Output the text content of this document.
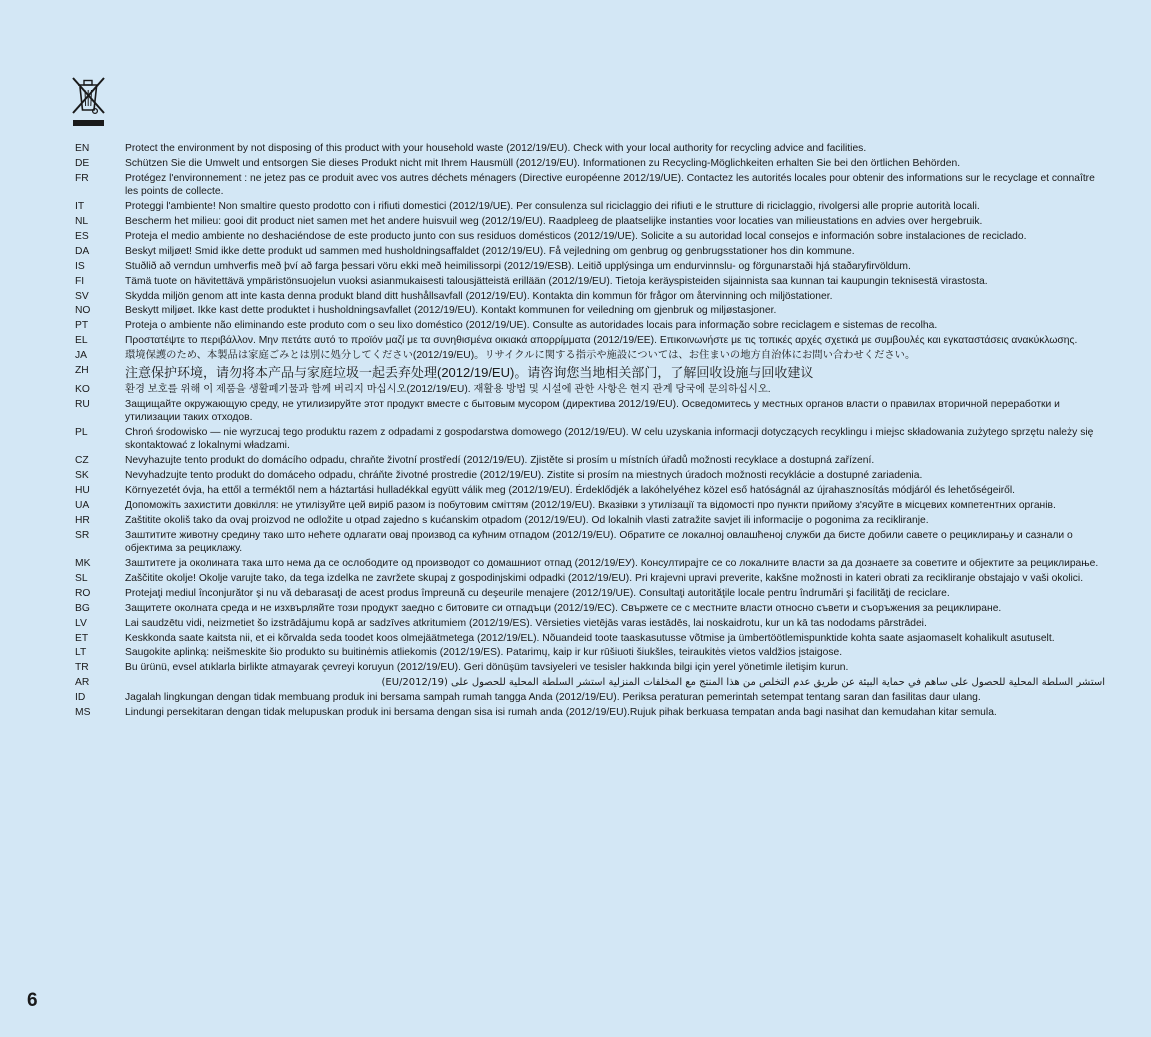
EN	Protect the environment by not disposing of this product with your household waste (2012/19/EU). Check with your local authority for recycling advice and facilities.
DE	Schützen Sie die Umwelt und entsorgen Sie dieses Produkt nicht mit Ihrem Hausmüll (2012/19/EU). Informationen zu Recycling-Möglichkeiten erhalten Sie bei den örtlichen Behörden.
FR	Protégez l'environnement : ne jetez pas ce produit avec vos autres déchets ménagers (Directive européenne 2012/19/UE). Contactez les autorités locales pour obtenir des informations sur le recyclage et connaître les points de collecte.
IT	Proteggi l'ambiente! Non smaltire questo prodotto con i rifiuti domestici (2012/19/UE). Per consulenza sul riciclaggio dei rifiuti e le strutture di riciclaggio, rivolgersi alle proprie autorità locali.
NL	Bescherm het milieu: gooi dit product niet samen met het andere huisvuil weg (2012/19/EU). Raadpleeg de plaatselijke instanties voor locaties van milieustations en advies over hergebruik.
ES	Proteja el medio ambiente no deshaciéndose de este producto junto con sus residuos domésticos (2012/19/UE). Solicite a su autoridad local consejos e información sobre instalaciones de reciclado.
DA	Beskyt miljøet! Smid ikke dette produkt ud sammen med husholdningsaffaldet (2012/19/EU). Få vejledning om genbrug og genbrugsstationer hos din kommune.
IS	Stuðlið að verndun umhverfis með því að farga þessari vöru ekki með heimilissorpi (2012/19/ESB). Leitið upplýsinga um endurvinnslu- og förgunarstaði hjá staðaryfirvöldum.
FI	Tämä tuote on hävitettävä ympäristönsuojelun vuoksi asianmukaisesti talousjätteistä erillään (2012/19/EU). Tietoja keräyspisteiden sijainnista saa kunnan tai kaupungin teknisestä virastosta.
SV	Skydda miljön genom att inte kasta denna produkt bland ditt hushållsavfall (2012/19/EU). Kontakta din kommun för frågor om återvinning och miljöstationer.
NO	Beskytt miljøet. Ikke kast dette produktet i husholdningsavfallet (2012/19/EU). Kontakt kommunen for veiledning om gjenbruk og miljøstasjoner.
PT	Proteja o ambiente não eliminando este produto com o seu lixo doméstico (2012/19/UE). Consulte as autoridades locais para informação sobre reciclagem e sistemas de recolha.
EL	Προστατέψτε το περιβάλλον. Μην πετάτε αυτό το προϊόν μαζί με τα συνηθισμένα οικιακά απορρίμματα (2012/19/ΕΕ). Επικοινωνήστε με τις τοπικές αρχές σχετικά με συμβουλές και εγκαταστάσεις ανακύκλωσης.
JA	環境保護のため、本製品は家庭ごみとは別に処分してください(2012/19/EU)。リサイクルに関する指示や施設については、お住まいの地方自治体にお問い合わせください。
ZH	注意保护环境，请勿将本产品与家庭垃圾一起丢弃处理(2012/19/EU)。请咨询您当地相关部门，了解回收设施与回收建议
KO	환경 보호를 위해 이 제품을 생활폐기물과 함께 버리지 마십시오(2012/19/EU). 재활용 방법 및 시설에 관한 사항은 현지 관계 당국에 문의하십시오.
RU	Защищайте окружающую среду, не утилизируйте этот продукт вместе с бытовым мусором (директива 2012/19/EU). Осведомитесь у местных органов власти о правилах вторичной переработки и утилизации таких отходов.
PL	Chroń środowisko — nie wyrzucaj tego produktu razem z odpadami z gospodarstwa domowego (2012/19/EU). W celu uzyskania informacji dotyczących recyklingu i miejsc składowania zużytego sprzętu należy się skontaktować z lokalnymi władzami.
CZ	Nevyhazujte tento produkt do domácího odpadu, chraňte životní prostředí (2012/19/EU). Zjistěte si prosím u místních úřadů možnosti recyklace a dostupná zařízení.
SK	Nevyhadzujte tento produkt do domáceho odpadu, chráňte životné prostredie (2012/19/EU). Zistite si prosím na miestnych úradoch možnosti recyklácie a dostupné zariadenia.
HU	Környezetét óvja, ha ettől a terméktől nem a háztartási hulladékkal együtt válik meg (2012/19/EU). Érdeklődjék a lakóhelyéhez közel eső hatóságnál az újrahasznosítás módjáról és lehetőségeiről.
UA	Допоможіть захистити довкілля: не утилізуйте цей виріб разом із побутовим сміттям (2012/19/EU). Вказівки з утилізації та відомості про пункти прийому з'ясуйте в місцевих компетентних органів.
HR	Zaštitite okoliš tako da ovaj proizvod ne odložite u otpad zajedno s kućanskim otpadom (2012/19/EU). Od lokalnih vlasti zatražite savjet ili informacije o pogonima za recikliranje.
SR	Заштитите животну средину тако што нећете одлагати овај производ са кућним отпадом (2012/19/EU). Обратите се локалној овлашћеној служби да бисте добили савете о рециклирању и сазнали о објектима за рециклажу.
MK	Заштитете ја околината така што нема да се ослободите од производот со домашниот отпад (2012/19/ЕУ). Консултирајте се со локалните власти за да дознаете за советите и објектите за рециклирање.
SL	Zaščitite okolje! Okolje varujte tako, da tega izdelka ne zavržete skupaj z gospodinjskimi odpadki (2012/19/EU). Pri krajevni upravi preverite, kakšne možnosti in kateri obrati za recikliranje obstajajo v vaši okolici.
RO	Protejaţi mediul înconjurător şi nu vă debarasaţi de acest produs împreună cu deşeurile menajere (2012/19/UE). Consultaţi autorităţile locale pentru îndrumări şi facilităţi de reciclare.
BG	Защитете околната среда и не изхвърляйте този продукт заедно с битовите си отпадъци (2012/19/ЕС). Свържете се с местните власти относно съвети и съоръжения за рециклиране.
LV	Lai saudzētu vidi, neizmetiet šo izstrādājumu kopā ar sadzīves atkritumiem (2012/19/ES). Vērsieties vietējās varas iestādēs, lai noskaidrotu, kur un kā tas nododams pārstrādei.
ET	Keskkonda saate kaitsta nii, et ei kõrvalda seda toodet koos olmejäätmetega (2012/19/EL). Nõuandeid toote taaskasutusse võtmise ja ümbertöötlemispunktide kohta saate asjaomaselt kohalikult asutuselt.
LT	Saugokite aplinką: neišmeskite šio produkto su buitinėmis atliekomis (2012/19/ES). Patarimų, kaip ir kur rūšiuoti šiukšles, teiraukitės vietos valdžios įstaigose.
TR	Bu ürünü, evsel atıklarla birlikte atmayarak çevreyi koruyun (2012/19/EU). Geri dönüşüm tavsiyeleri ve tesisler hakkında bilgi için yerel yönetimle iletişim kurun.
AR	استشر السلطة المحلية للحصول على ساهم في حماية البيئة عن طريق عدم التخلص من هذا المنتج مع المخلفات المنزلية استشر السلطة المحلية للحصول على (2012/19/EU)
ID	Jagalah lingkungan dengan tidak membuang produk ini bersama sampah rumah tangga Anda (2012/19/EU). Periksa peraturan pemerintah setempat tentang saran dan fasilitas daur ulang.
MS	Lindungi persekitaran dengan tidak melupuskan produk ini bersama dengan sisa isi rumah anda (2012/19/EU).Rujuk pihak berkuasa tempatan anda bagi nasihat dan kemudahan kitar semula.
6
